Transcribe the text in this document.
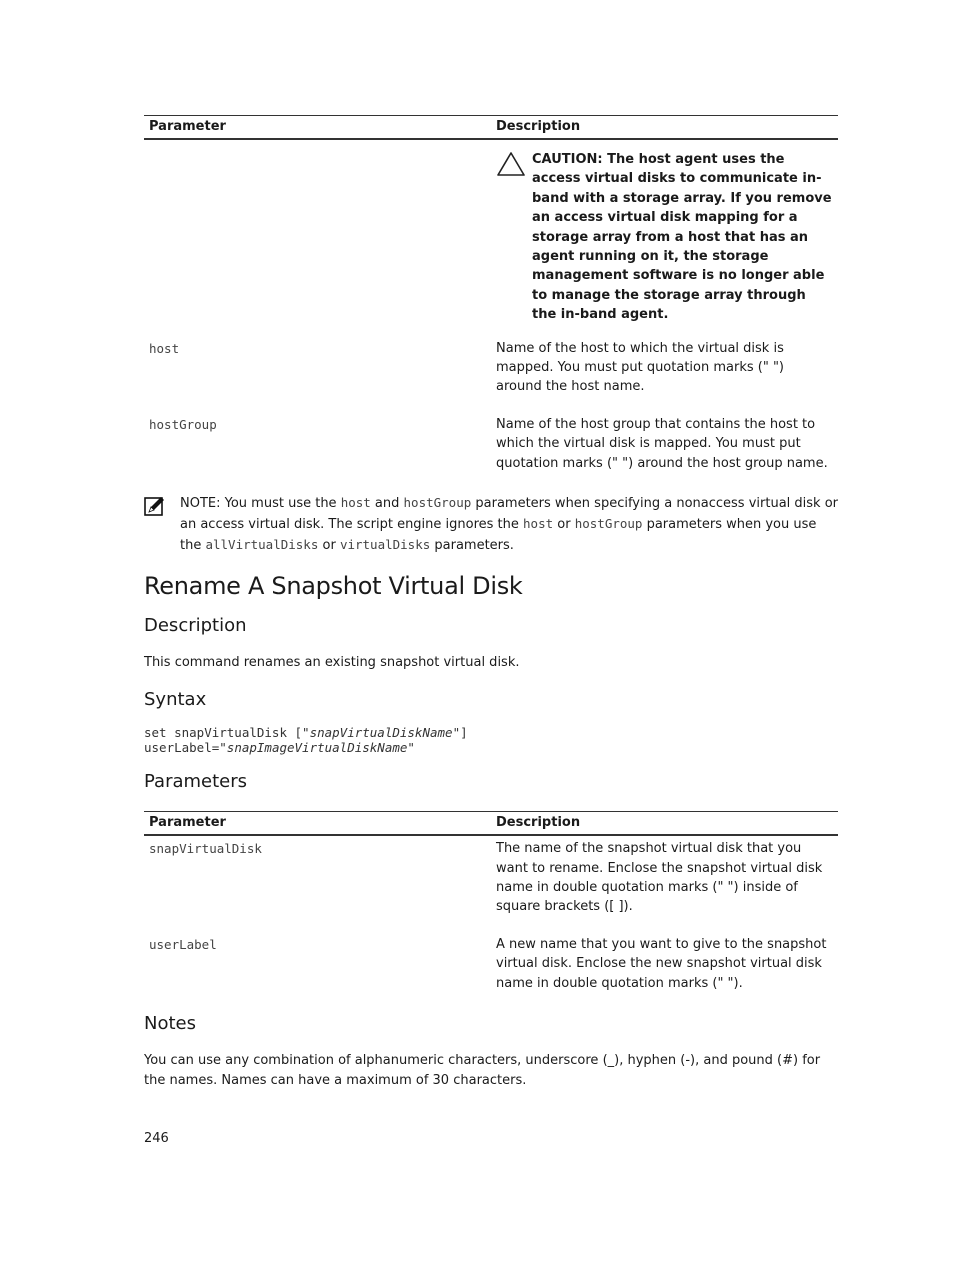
Parameter	Description

	CAUTION: The host agent uses the access virtual disks to communicate in-band with a storage array. If you remove an access virtual disk mapping for a storage array from a host that has an agent running on it, the storage management software is no longer able to manage the storage array through the in-band agent.

host	Name of the host to which the virtual disk is mapped. You must put quotation marks (" ") around the host name.
hostGroup	Name of the host group that contains the host to which the virtual disk is mapped. You must put quotation marks (" ") around the host group name.
NOTE: You must use the host and hostGroup parameters when specifying a nonaccess virtual disk or an access virtual disk. The script engine ignores the host or hostGroup parameters when you use the allVirtualDisks or virtualDisks parameters.
Rename A Snapshot Virtual Disk
Description

This command renames an existing snapshot virtual disk.

Syntax
set snapVirtualDisk ["snapVirtualDiskName"]
userLabel="snapImageVirtualDiskName"
Parameters
Parameter	Description
snapVirtualDisk	The name of the snapshot virtual disk that you want to rename. Enclose the snapshot virtual disk name in double quotation marks (" ") inside of square brackets ([ ]).
userLabel	A new name that you want to give to the snapshot virtual disk. Enclose the new snapshot virtual disk name in double quotation marks (" ").
Notes

You can use any combination of alphanumeric characters, underscore (_), hyphen (-), and pound (#) for the names. Names can have a maximum of 30 characters.

246
